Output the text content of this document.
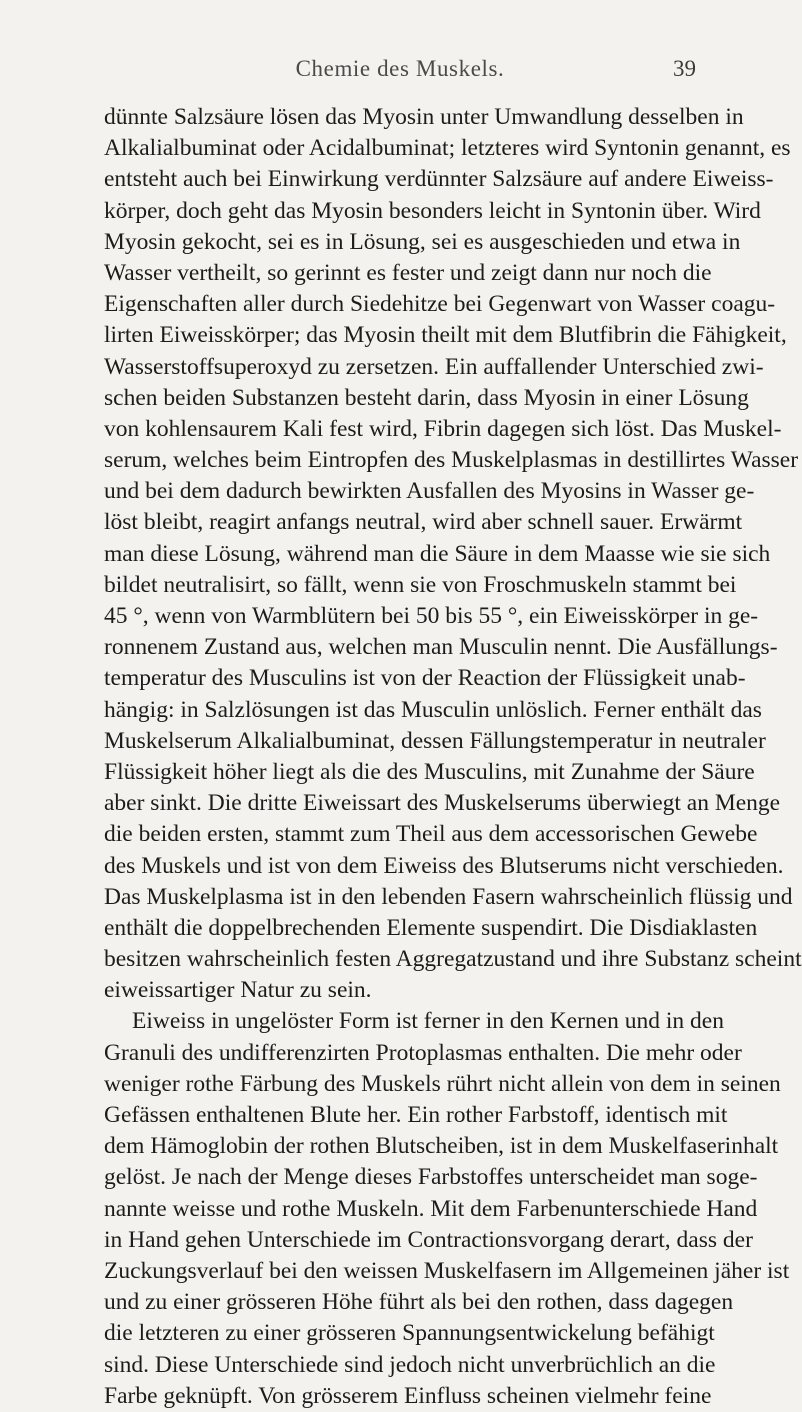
Chemie des Muskels.	39
dünnte Salzsäure lösen das Myosin unter Umwandlung desselben in
Alkalialbuminat oder Acidalbuminat; letzteres wird Syntonin genannt, es
entsteht auch bei Einwirkung verdünnter Salzsäure auf andere Eiweiss-
körper, doch geht das Myosin besonders leicht in Syntonin über. Wird
Myosin gekocht, sei es in Lösung, sei es ausgeschieden und etwa in
Wasser vertheilt, so gerinnt es fester und zeigt dann nur noch die
Eigenschaften aller durch Siedehitze bei Gegenwart von Wasser coagu-
lirten Eiweisskörper; das Myosin theilt mit dem Blutfibrin die Fähigkeit,
Wasserstoffsuperoxyd zu zersetzen. Ein auffallender Unterschied zwi-
schen beiden Substanzen besteht darin, dass Myosin in einer Lösung
von kohlensaurem Kali fest wird, Fibrin dagegen sich löst. Das Muskel-
serum, welches beim Eintropfen des Muskelplasmas in destillirtes Wasser
und bei dem dadurch bewirkten Ausfallen des Myosins in Wasser ge-
löst bleibt, reagirt anfangs neutral, wird aber schnell sauer. Erwärmt
man diese Lösung, während man die Säure in dem Maasse wie sie sich
bildet neutralisirt, so fällt, wenn sie von Froschmuskeln stammt bei
45 °, wenn von Warmblütern bei 50 bis 55 °, ein Eiweisskörper in ge-
ronnenem Zustand aus, welchen man Musculin nennt. Die Ausfällungs-
temperatur des Musculins ist von der Reaction der Flüssigkeit unab-
hängig: in Salzlösungen ist das Musculin unlöslich. Ferner enthält das
Muskelserum Alkalialbuminat, dessen Fällungstemperatur in neutraler
Flüssigkeit höher liegt als die des Musculins, mit Zunahme der Säure
aber sinkt. Die dritte Eiweissart des Muskelserums überwiegt an Menge
die beiden ersten, stammt zum Theil aus dem accessorischen Gewebe
des Muskels und ist von dem Eiweiss des Blutserums nicht verschieden.
Das Muskelplasma ist in den lebenden Fasern wahrscheinlich flüssig und
enthält die doppelbrechenden Elemente suspendirt. Die Disdiaklasten
besitzen wahrscheinlich festen Aggregatzustand und ihre Substanz scheint
eiweissartiger Natur zu sein.
Eiweiss in ungelöster Form ist ferner in den Kernen und in den
Granuli des undifferenzirten Protoplasmas enthalten. Die mehr oder
weniger rothe Färbung des Muskels rührt nicht allein von dem in seinen
Gefässen enthaltenen Blute her. Ein rother Farbstoff, identisch mit
dem Hämoglobin der rothen Blutscheiben, ist in dem Muskelfaserinhalt
gelöst. Je nach der Menge dieses Farbstoffes unterscheidet man soge-
nannte weisse und rothe Muskeln. Mit dem Farbenunterschiede Hand
in Hand gehen Unterschiede im Contractionsvorgang derart, dass der
Zuckungsverlauf bei den weissen Muskelfasern im Allgemeinen jäher ist
und zu einer grösseren Höhe führt als bei den rothen, dass dagegen
die letzteren zu einer grösseren Spannungsentwickelung befähigt
sind. Diese Unterschiede sind jedoch nicht unverbrüchlich an die
Farbe geknüpft. Von grösserem Einfluss scheinen vielmehr feine
